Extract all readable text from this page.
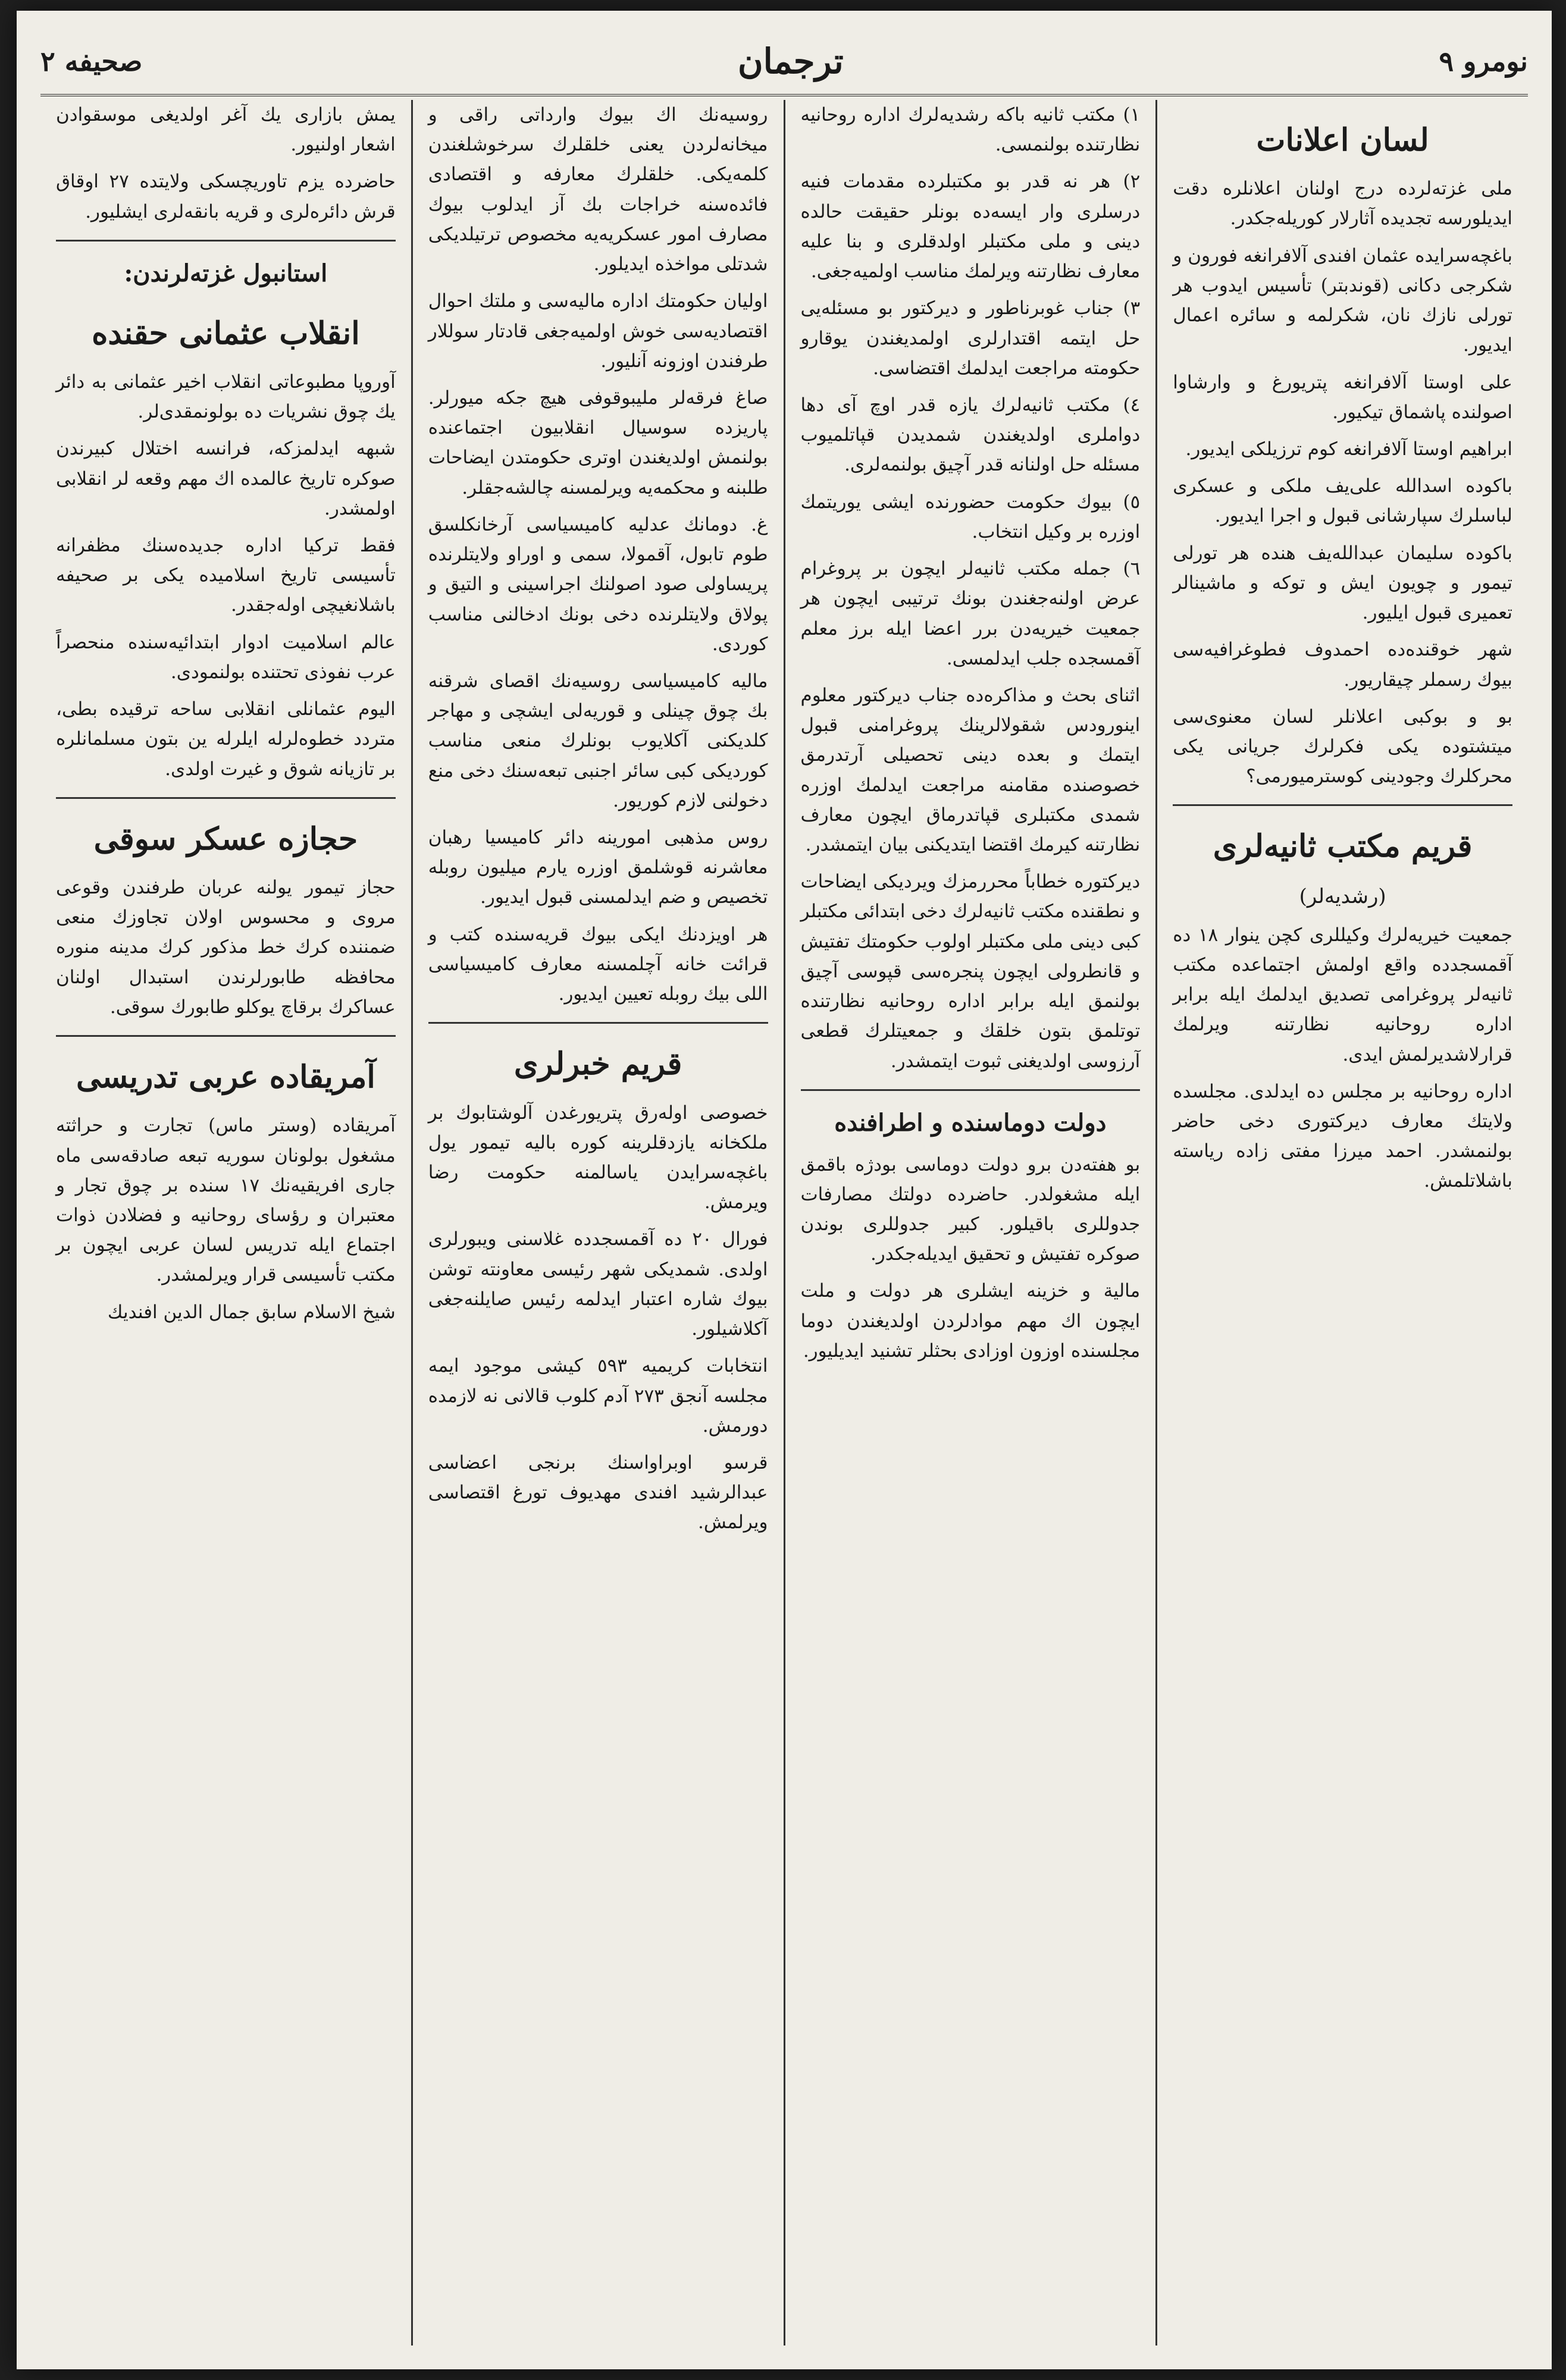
نومرو ٩
ترجمان
صحيفه ٢
لسان اعلانات

ملى غزته‌لرده درج اولنان اعلانلره دقت ايديلورسه تجديده آثارلار كوريله‌جكدر.

باغچه‌سرايده عثمان افندى آلافرانغه فورون و شكرجى دكانى (قوندبتر) تأسيس ايدوب هر تورلى نازك نان، شكرلمه و سائره اعمال ايديور.

على اوستا آلافرانغه پتريورغ و وارشاوا اصولنده پاشماق تيكيور.

ابراهيم اوستا آلافرانغه كوم ترزيلكى ايديور.

باكوده اسدالله على‌يف ملكى و عسكرى لباسلرك سپارشانى قبول و اجرا ايديور.

باكوده سليمان عبدالله‌يف هنده هر تورلى تيمور و چويون ايش و توكه و ماشينالر تعميرى قبول ايليور.

شهر خوقنده‌ده احمدوف فطوغرافيه‌سى بيوك رسملر چيقاريور.

بو و بوكبى اعلانلر لسان معنوى‌سى ميتشتوده يكى فكرلرك جريانى يكى محركلرك وجودينى كوسترميورمى؟

قريم مكتب ثانيه‌لرى
(رشديه‌لر)

جمعيت خيريه‌لرك وكيللرى كچن ينوار ١٨ ده آقمسجدده واقع اولمش اجتماعده مكتب ثانيه‌لر پروغرامى تصديق ايدلمك ايله برابر اداره روحانيه نظارتنه ويرلمك قرارلاشديرلمش ايدى.

اداره روحانيه بر مجلس ده ايدلدى. مجلسده ولايتك معارف ديركتورى دخى حاضر بولنمشدر. احمد ميرزا مفتى زاده رياسته باشلاتلمش.

١) مكتب ثانيه باكه رشديه‌لرك اداره روحانيه نظارتنده بولنمسى.

٢) هر نه قدر بو مكتبلرده مقدمات فنيه درسلرى وار ايسه‌ده بونلر حقيقت حالده دينى و ملى مكتبلر اولدقلرى و بنا عليه معارف نظارتنه ويرلمك مناسب اولميه‌جغى.

٣) جناب غوبرناطور و ديركتور بو مسئله‌يى حل ايتمه اقتدارلرى اولمديغندن يوقارو حكومته مراجعت ايدلمك اقتضاسى.

٤) مكتب ثانيه‌لرك يازه قدر اوچ آى دها دواملرى اولديغندن شمديدن قپاتلميوب مسئله حل اولنانه قدر آچيق بولنمه‌لرى.

٥) بيوك حكومت حضورنده ايشى يوريتمك اوزره بر وكيل انتخاب.

٦) جمله مكتب ثانيه‌لر ايچون بر پروغرام عرض اولنه‌جغندن بونك ترتيبى ايچون هر جمعيت خيريه‌دن برر اعضا ايله برز معلم آقمسجده جلب ايدلمسى.

اثناى بحث و مذاكره‌ده جناب ديركتور معلوم اينورودس شقولالرينك پروغرامنى قبول ايتمك و بعده دينى تحصيلى آرتدرمق خصوصنده مقامنه مراجعت ايدلمك اوزره شمدى مكتبلرى قپاتدرماق ايچون معارف نظارتنه كيرمك اقتضا ايتديكنى بيان ايتمشدر.

ديركتوره خطاباً محررمزك ويرديكى ايضاحات و نطقنده مكتب ثانيه‌لرك دخى ابتدائى مكتبلر كبى دينى ملى مكتبلر اولوب حكومتك تفتيش و قانطرولى ايچون پنجره‌سى قپوسى آچيق بولنمق ايله برابر اداره روحانيه نظارتنده توتلمق بتون خلقك و جمعيتلرك قطعى آرزوسى اولديغنى ثبوت ايتمشدر.

دولت دوماسنده و اطرافنده

بو هفته‌دن برو دولت دوماسى بودژه باقمق ايله مشغولدر. حاضرده دولتك مصارفات جدوللرى باقيلور. كبير جدوللرى بوندن صوكره تفتيش و تحقيق ايديله‌جكدر.

مالية و خزينه ايشلرى هر دولت و ملت ايچون اك مهم موادلردن اولديغندن دوما مجلسنده اوزون اوزادى بحثلر تشنيد ايديليور.

روسيه‌نك اك بيوك وارداتى راقى و ميخانه‌لردن يعنى خلقلرك سرخوشلغندن كلمه‌يكى. خلقلرك معارفه و اقتصادى فائده‌سنه خراجات بك آز ايدلوب بيوك مصارف امور عسكريه‌يه مخصوص ترتيلديكى شدتلى مواخذه ايديلور.

اوليان حكومتك اداره ماليه‌سى و ملتك احوال اقتصاديه‌سى خوش اولميه‌جغى قادتار سوللار طرفندن اوزونه آنليور.

صاغ فرقه‌لر مليبوقوفى هيچ جكه ميورلر. پاريزده سوسيال انقلابيون اجتماعنده بولنمش اولديغندن اوترى حكومتدن ايضاحات طلبنه و محكمه‌يه ويرلمسنه چالشه‌جقلر.

غ. دومانك عدليه كاميسياسى آرخانكلسق طوم تابول، آقمولا، سمى و اوراو ولايتلرنده پريساولى صود اصولنك اجراسينى و التيق و پولاق ولايتلرنده دخى بونك ادخالنى مناسب كوردى.

ماليه كاميسياسى روسيه‌نك اقصاى شرقنه بك چوق چينلى و قوريه‌لى ايشچى و مهاجر كلديكنى آكلايوب بونلرك منعى مناسب كورديكى كبى سائر اجنبى تبعه‌سنك دخى منع دخولنى لازم كوريور.

روس مذهبى امورينه دائر كاميسيا رهبان معاشرنه قوشلمق اوزره يارم ميليون روبله تخصيص و ضم ايدلمسنى قبول ايديور.

هر اويزدنك ايكى بيوك قريه‌سنده كتب و قرائت خانه آچلمسنه معارف كاميسيا‌سى اللى بيك روبله تعيين ايديور.

قريم خبرلرى

خصوصى اوله‌رق پتريورغدن آلوشتابوك بر ملكخانه يازدقلرينه كوره باليه تيمور يول باغچه‌سرايدن ياسالمنه حكومت رضا ويرمش.

فورال ٢٠ ده آقمسجدده غلاسنى ويبورلرى اولدى. شمديكى شهر رئيسى معاونته توشن بيوك شاره اعتبار ايدلمه رئيس صايلنه‌جغى آكلاشيلور.

انتخابات كريميه ٥٩٣ كيشى موجود ايمه مجلسه آنجق ٢٧٣ آدم كلوب قالانى نه لازمده دورمش.

قرسو اوبراواسنك برنجى اعضاسى عبدالرشيد افندى مهديوف تورغ اقتصاسى ويرلمش.

يمش بازارى يك آغر اولديغى موسقوادن اشعار اولنيور.

حاضرده يزم تاوريچسكى ولايتده ٢٧ اوقاق قرش دائره‌لرى و قريه بانقه‌لرى ايشليور.

استانبول غزته‌لرندن:
انقلاب عثمانى حقنده

آوروپا مطبوعاتى انقلاب اخير عثمانى به دائر يك چوق نشريات ده بولونمقدى‌لر.

شبهه ايدلمزكه، فرانسه اختلال كبيرندن صوكره تاريخ عالمده اك مهم وقعه لر انقلابى اولمشدر.

فقط تركيا اداره جديده‌سنك مظفرانه تأسيسى تاريخ اسلاميده يكى بر صحيفه باشلانغيچى اوله‌جقدر.

عالم اسلاميت ادوار ابتدائيه‌سنده منحصراً عرب نفوذى تحتنده بولنمودى.

اليوم عثمانلى انقلابى ساحه ترقيده بطى، متردد خطوه‌لرله ايلرله ين بتون مسلمانلره بر تازيانه شوق و غيرت اولدى.

حجازه عسكر سوقى

حجاز تيمور يولنه عربان طرفندن وقوعى مروى و محسوس اولان تجاوزك منعى ضمننده كرك خط مذكور كرك مدينه منوره محافظه طابورلرندن استبدال اولنان عساكرك برقاچ يوكلو طابورك سوقى.

آمريقاده عربى تدريسى

آمريقاده (وستر ماس) تجارت و حراثته مشغول بولونان سوريه تبعه صادقه‌سى ماه جارى افريقيه‌نك ١٧ سنده بر چوق تجار و معتبران و رؤساى روحانيه و فضلادن ذوات اجتماع ايله تدريس لسان عربى ايچون بر مكتب تأسيسى قرار ويرلمشدر.

شيخ الاسلام سابق جمال الدين افنديك
